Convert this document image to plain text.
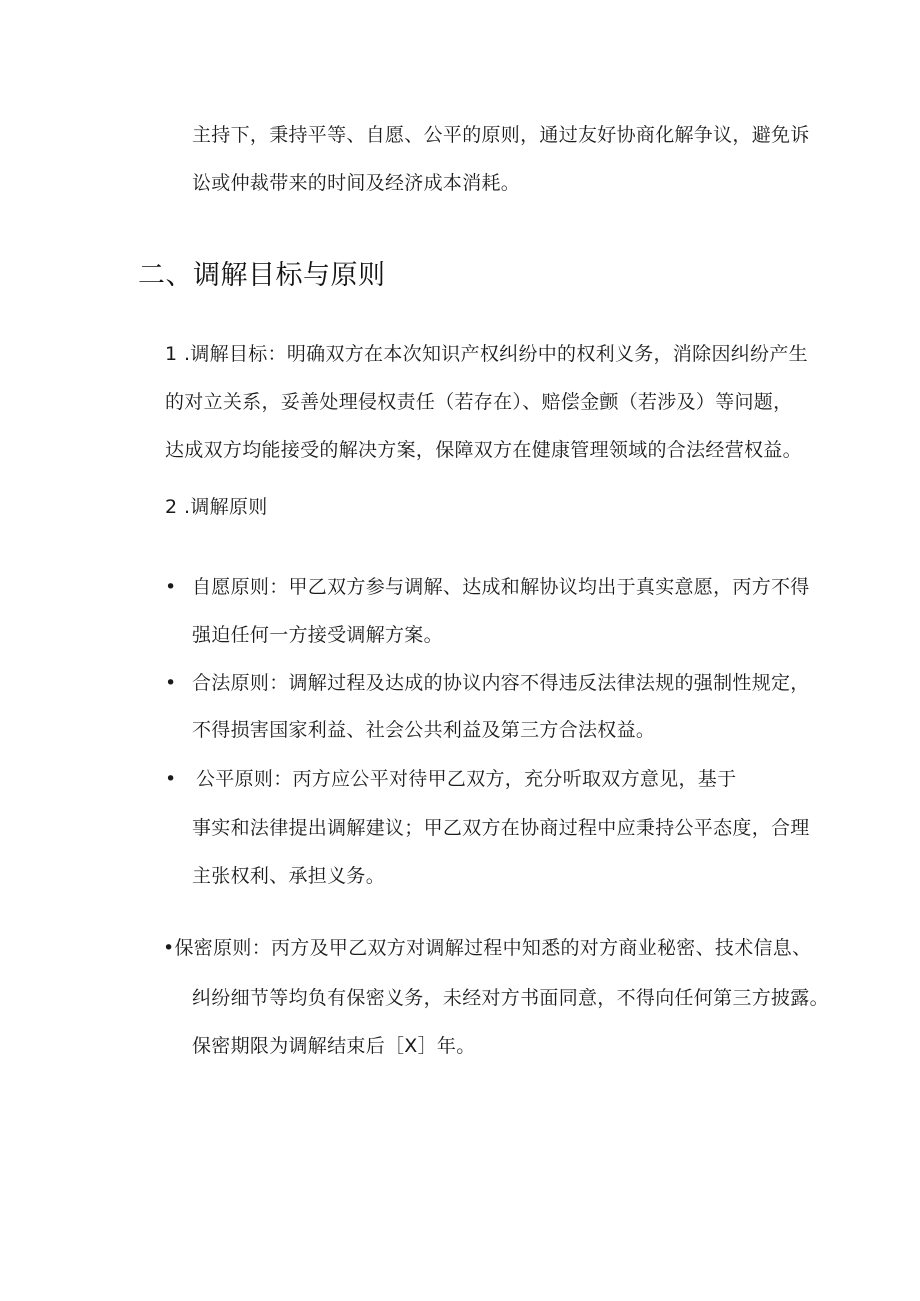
主持下，秉持平等、自愿、公平的原则，通过友好协商化解争议，避免诉
讼或仲裁带来的时间及经济成本消耗。
二、调解目标与原则
1 .调解目标：明确双方在本次知识产权纠纷中的权利义务，消除因纠纷产生
的对立关系，妥善处理侵权责任（若存在）、赔偿金颤（若涉及）等问题，
达成双方均能接受的解决方案，保障双方在健康管理领域的合法经营权益。
2 .调解原则
• 自愿原则：甲乙双方参与调解、达成和解协议均出于真实意愿，丙方不得
强迫任何一方接受调解方案。
• 合法原则：调解过程及达成的协议内容不得违反法律法规的强制性规定，
不得损害国家利益、社会公共利益及第三方合法权益。
• 公平原则：丙方应公平对待甲乙双方，充分听取双方意见，基于
事实和法律提出调解建议；甲乙双方在协商过程中应秉持公平态度，合理
主张权利、承担义务。
•保密原则：丙方及甲乙双方对调解过程中知悉的对方商业秘密、技术信息、
纠纷细节等均负有保密义务，未经对方书面同意，不得向任何第三方披露。
保密期限为调解结束后［X］年。
